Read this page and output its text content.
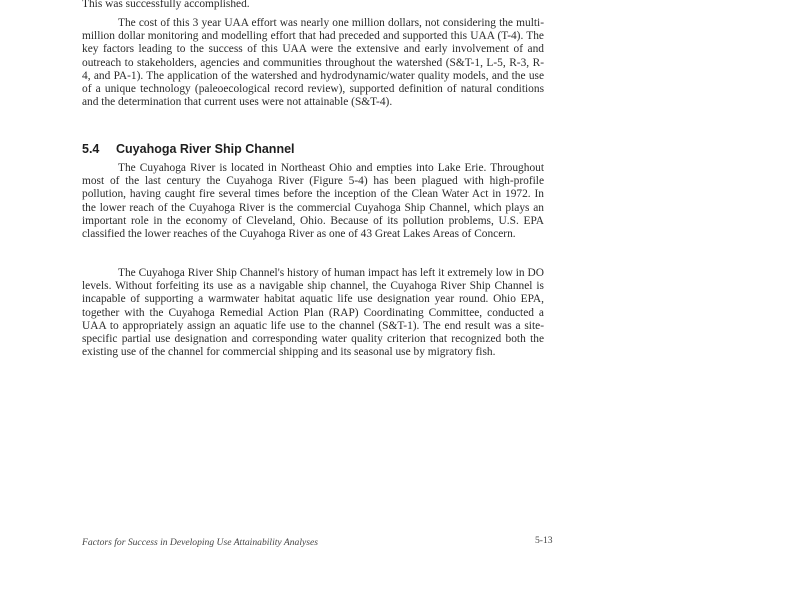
This was successfully accomplished.

The cost of this 3 year UAA effort was nearly one million dollars, not considering the multi-million dollar monitoring and modelling effort that had preceded and supported this UAA (T-4). The key factors leading to the success of this UAA were the extensive and early involvement of and outreach to stakeholders, agencies and communities throughout the watershed (S&T-1, L-5, R-3, R-4, and PA-1). The application of the watershed and hydrodynamic/water quality models, and the use of a unique technology (paleoecological record review), supported definition of natural conditions and the determination that current uses were not attainable (S&T-4).

5.4 Cuyahoga River Ship Channel

The Cuyahoga River is located in Northeast Ohio and empties into Lake Erie. Throughout most of the last century the Cuyahoga River (Figure 5-4) has been plagued with high-profile pollution, having caught fire several times before the inception of the Clean Water Act in 1972. In the lower reach of the Cuyahoga River is the commercial Cuyahoga Ship Channel, which plays an important role in the economy of Cleveland, Ohio. Because of its pollution problems, U.S. EPA classified the lower reaches of the Cuyahoga River as one of 43 Great Lakes Areas of Concern.

The Cuyahoga River Ship Channel's history of human impact has left it extremely low in DO levels. Without forfeiting its use as a navigable ship channel, the Cuyahoga River Ship Channel is incapable of supporting a warmwater habitat aquatic life use designation year round. Ohio EPA, together with the Cuyahoga Remedial Action Plan (RAP) Coordinating Committee, conducted a UAA to appropriately assign an aquatic life use to the channel (S&T-1). The end result was a site-specific partial use designation and corresponding water quality criterion that recognized both the existing use of the channel for commercial shipping and its seasonal use by migratory fish.

Factors for Success in Developing Use Attainability Analyses	5-13
